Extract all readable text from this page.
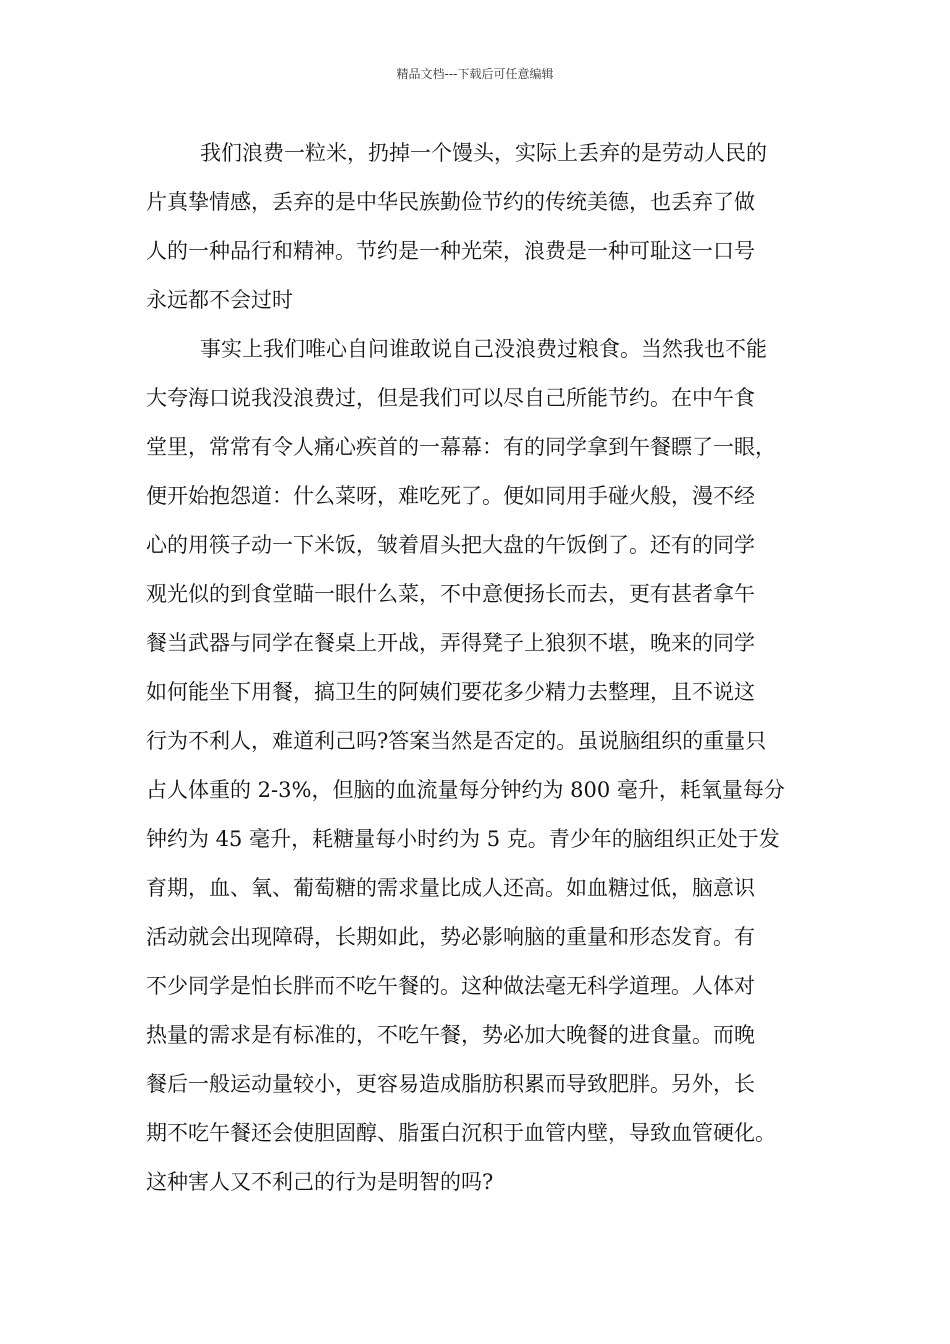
精品文档---下载后可任意编辑
我们浪费一粒米，扔掉一个馒头，实际上丢弃的是劳动人民的
片真挚情感，丢弃的是中华民族勤俭节约的传统美德，也丢弃了做
人的一种品行和精神。节约是一种光荣，浪费是一种可耻这一口号
永远都不会过时
事实上我们唯心自问谁敢说自己没浪费过粮食。当然我也不能
大夸海口说我没浪费过，但是我们可以尽自己所能节约。在中午食
堂里，常常有令人痛心疾首的一幕幕：有的同学拿到午餐瞟了一眼，
便开始抱怨道：什么菜呀，难吃死了。便如同用手碰火般，漫不经
心的用筷子动一下米饭，皱着眉头把大盘的午饭倒了。还有的同学
观光似的到食堂瞄一眼什么菜，不中意便扬长而去，更有甚者拿午
餐当武器与同学在餐桌上开战，弄得凳子上狼狈不堪，晚来的同学
如何能坐下用餐，搞卫生的阿姨们要花多少精力去整理，且不说这
行为不利人，难道利己吗?答案当然是否定的。虽说脑组织的重量只
占人体重的 2-3%，但脑的血流量每分钟约为 800 毫升，耗氧量每分
钟约为 45 毫升，耗糖量每小时约为 5 克。青少年的脑组织正处于发
育期，血、氧、葡萄糖的需求量比成人还高。如血糖过低，脑意识
活动就会出现障碍，长期如此，势必影响脑的重量和形态发育。有
不少同学是怕长胖而不吃午餐的。这种做法毫无科学道理。人体对
热量的需求是有标准的，不吃午餐，势必加大晚餐的进食量。而晚
餐后一般运动量较小，更容易造成脂肪积累而导致肥胖。另外，长
期不吃午餐还会使胆固醇、脂蛋白沉积于血管内壁，导致血管硬化。
这种害人又不利己的行为是明智的吗?
